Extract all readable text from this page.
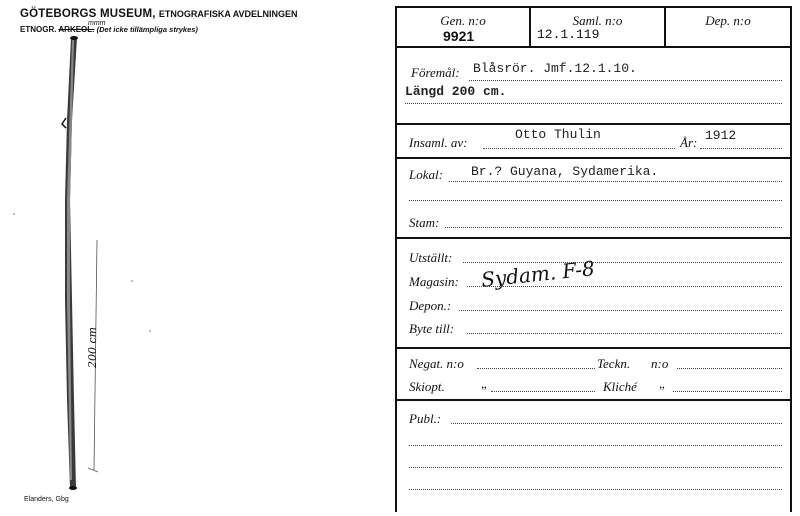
GÖTEBORGS MUSEUM, ETNOGRAFISKA AVDELNINGEN
ETNOGR. ARKEOL. (Det icke tillämpliga strykes)
mmm
200 cm
Elanders, Gbg
Gen. n:o
9921
Saml. n:o
12.1.119
Dep. n:o
Föremål: Blåsrör. Jmf.12.1.10.
Längd 200 cm.
Insaml. av:
Otto Thulin
År: 1912
Lokal: Br.? Guyana, Sydamerika.
Stam:
Utställt:
Magasin: Sydam. F-8
Depon.:
Byte till:
Negat. n:o	Teckn. n:o
Skiopt.	„	Kliché „
Publ.:
